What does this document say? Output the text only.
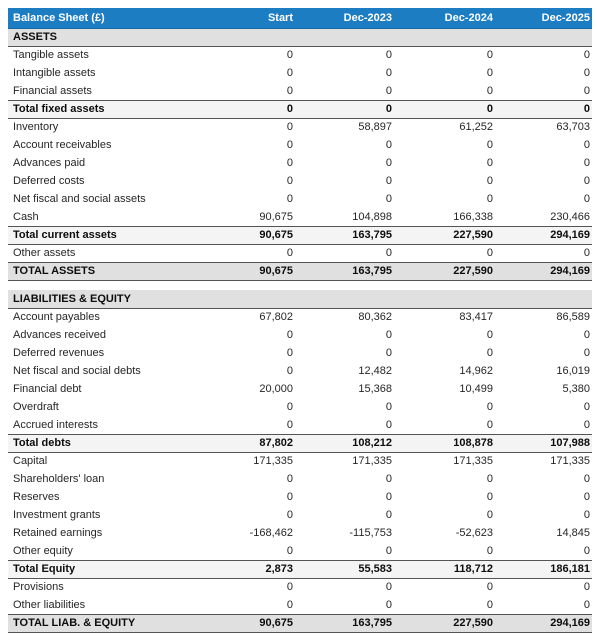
Balance Sheet (£)	Start	Dec-2023	Dec-2024	Dec-2025
ASSETS				
Tangible assets	0	0	0	0
Intangible assets	0	0	0	0
Financial assets	0	0	0	0
Total fixed assets	0	0	0	0
Inventory	0	58,897	61,252	63,703
Account receivables	0	0	0	0
Advances paid	0	0	0	0
Deferred costs	0	0	0	0
Net fiscal and social assets	0	0	0	0
Cash	90,675	104,898	166,338	230,466
Total current assets	90,675	163,795	227,590	294,169
Other assets	0	0	0	0
TOTAL ASSETS	90,675	163,795	227,590	294,169

LIABILITIES & EQUITY				
Account payables	67,802	80,362	83,417	86,589
Advances received	0	0	0	0
Deferred revenues	0	0	0	0
Net fiscal and social debts	0	12,482	14,962	16,019
Financial debt	20,000	15,368	10,499	5,380
Overdraft	0	0	0	0
Accrued interests	0	0	0	0
Total debts	87,802	108,212	108,878	107,988
Capital	171,335	171,335	171,335	171,335
Shareholders' loan	0	0	0	0
Reserves	0	0	0	0
Investment grants	0	0	0	0
Retained earnings	-168,462	-115,753	-52,623	14,845
Other equity	0	0	0	0
Total Equity	2,873	55,583	118,712	186,181
Provisions	0	0	0	0
Other liabilities	0	0	0	0
TOTAL LIAB. & EQUITY	90,675	163,795	227,590	294,169
